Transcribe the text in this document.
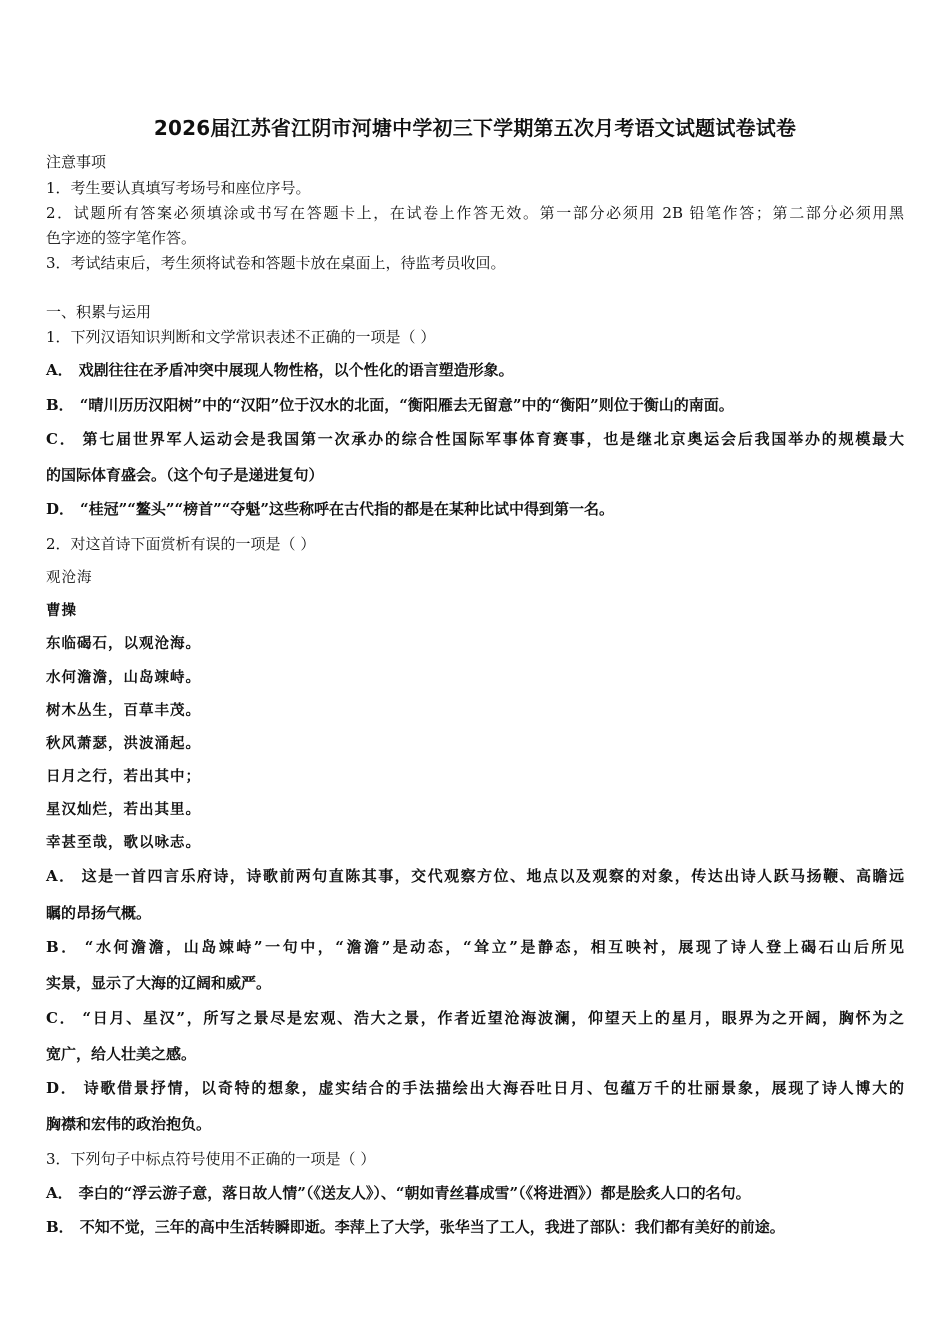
2026届江苏省江阴市河塘中学初三下学期第五次月考语文试题试卷试卷
注意事项
1．考生要认真填写考场号和座位序号。
2．试题所有答案必须填涂或书写在答题卡上，在试卷上作答无效。第一部分必须用 2B 铅笔作答；第二部分必须用黑
色字迹的签字笔作答。
3．考试结束后，考生须将试卷和答题卡放在桌面上，待监考员收回。
一、积累与运用
1．下列汉语知识判断和文学常识表述不正确的一项是（ ）
A． 戏剧往往在矛盾冲突中展现人物性格，以个性化的语言塑造形象。
B． “晴川历历汉阳树”中的“汉阳”位于汉水的北面，“衡阳雁去无留意”中的“衡阳”则位于衡山的南面。
C． 第七届世界军人运动会是我国第一次承办的综合性国际军事体育赛事，也是继北京奥运会后我国举办的规模最大
的国际体育盛会。（这个句子是递进复句）
D． “桂冠”“鳌头”“榜首”“夺魁”这些称呼在古代指的都是在某种比试中得到第一名。
2．对这首诗下面赏析有误的一项是（ ）
观沧海
曹操
东临碣石，以观沧海。
水何澹澹，山岛竦峙。
树木丛生，百草丰茂。
秋风萧瑟，洪波涌起。
日月之行，若出其中；
星汉灿烂，若出其里。
幸甚至哉，歌以咏志。
A． 这是一首四言乐府诗，诗歌前两句直陈其事，交代观察方位、地点以及观察的对象，传达出诗人跃马扬鞭、高瞻远
瞩的昂扬气概。
B． “水何澹澹，山岛竦峙”一句中，“澹澹”是动态，“耸立”是静态，相互映衬，展现了诗人登上碣石山后所见
实景，显示了大海的辽阔和威严。
C． “日月、星汉”，所写之景尽是宏观、浩大之景，作者近望沧海波澜，仰望天上的星月，眼界为之开阔，胸怀为之
宽广，给人壮美之感。
D． 诗歌借景抒情，以奇特的想象，虚实结合的手法描绘出大海吞吐日月、包蕴万千的壮丽景象，展现了诗人博大的
胸襟和宏伟的政治抱负。
3．下列句子中标点符号使用不正确的一项是（ ）
A． 李白的“浮云游子意，落日故人情”（《送友人》）、“朝如青丝暮成雪”（《将进酒》）都是脍炙人口的名句。
B． 不知不觉，三年的高中生活转瞬即逝。李萍上了大学，张华当了工人，我进了部队：我们都有美好的前途。
